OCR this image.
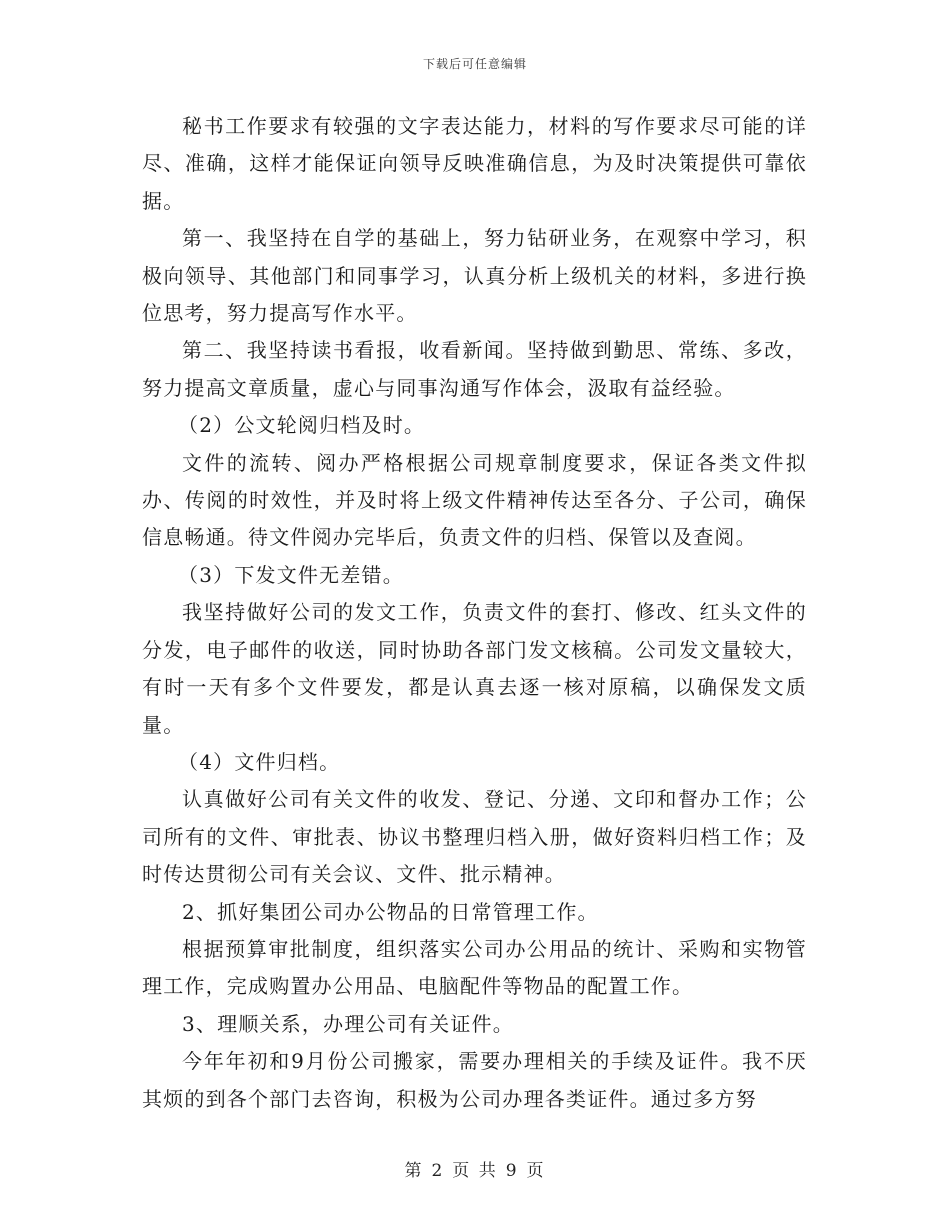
下载后可任意编辑

秘书工作要求有较强的文字表达能力，材料的写作要求尽可能的详尽、准确，这样才能保证向领导反映准确信息，为及时决策提供可靠依据。

第一、我坚持在自学的基础上，努力钻研业务，在观察中学习，积极向领导、其他部门和同事学习，认真分析上级机关的材料，多进行换位思考，努力提高写作水平。

第二、我坚持读书看报，收看新闻。坚持做到勤思、常练、多改，努力提高文章质量，虚心与同事沟通写作体会，汲取有益经验。

（2）公文轮阅归档及时。

文件的流转、阅办严格根据公司规章制度要求，保证各类文件拟办、传阅的时效性，并及时将上级文件精神传达至各分、子公司，确保信息畅通。待文件阅办完毕后，负责文件的归档、保管以及查阅。

（3）下发文件无差错。

我坚持做好公司的发文工作，负责文件的套打、修改、红头文件的分发，电子邮件的收送，同时协助各部门发文核稿。公司发文量较大，有时一天有多个文件要发，都是认真去逐一核对原稿，以确保发文质量。

（4）文件归档。

认真做好公司有关文件的收发、登记、分递、文印和督办工作；公司所有的文件、审批表、协议书整理归档入册，做好资料归档工作；及时传达贯彻公司有关会议、文件、批示精神。

2、抓好集团公司办公物品的日常管理工作。

根据预算审批制度，组织落实公司办公用品的统计、采购和实物管理工作，完成购置办公用品、电脑配件等物品的配置工作。

3、理顺关系，办理公司有关证件。

今年年初和9月份公司搬家，需要办理相关的手续及证件。我不厌其烦的到各个部门去咨询，积极为公司办理各类证件。通过多方努

第 2 页 共 9 页
